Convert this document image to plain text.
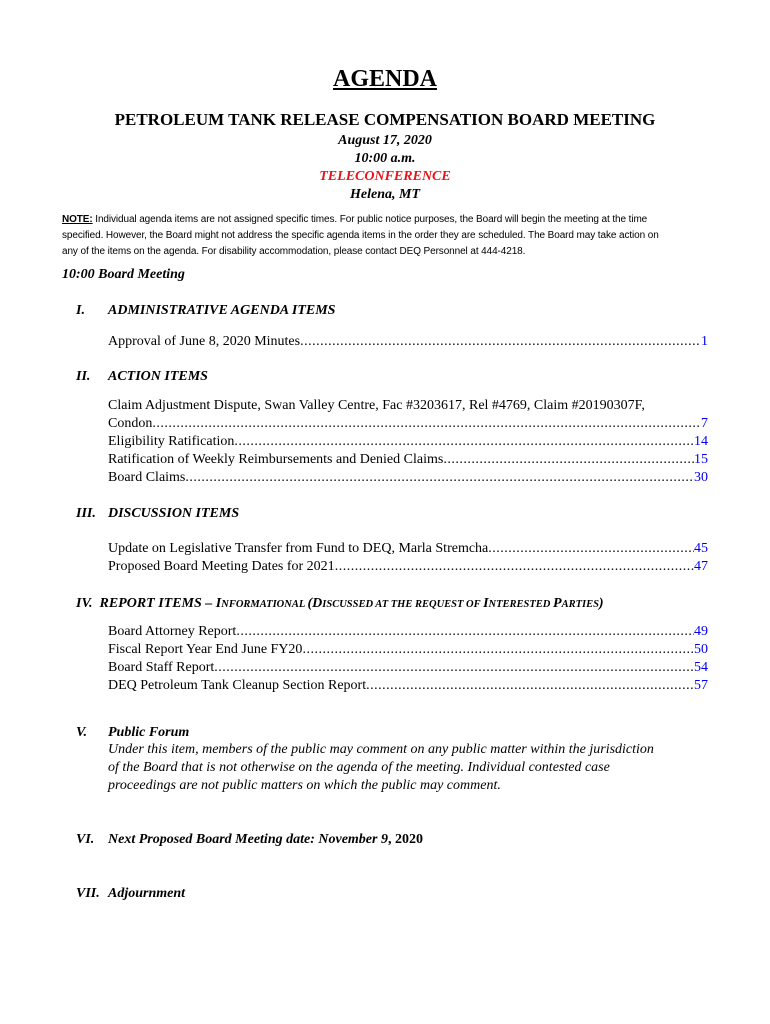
AGENDA
PETROLEUM TANK RELEASE COMPENSATION BOARD MEETING
August 17, 2020
10:00 a.m.
TELECONFERENCE
Helena, MT
NOTE: Individual agenda items are not assigned specific times. For public notice purposes, the Board will begin the meeting at the time
specified. However, the Board might not address the specific agenda items in the order they are scheduled. The Board may take action on
any of the items on the agenda. For disability accommodation, please contact DEQ Personnel at 444-4218.
10:00 Board Meeting
I. ADMINISTRATIVE AGENDA ITEMS
Approval of June 8, 2020 Minutes .....	1
II. ACTION ITEMS
Claim Adjustment Dispute, Swan Valley Centre, Fac #3203617, Rel #4769, Claim #20190307F,
Condon .....	7
Eligibility Ratification .....	14
Ratification of Weekly Reimbursements and Denied Claims .....	15
Board Claims .....	30
III. DISCUSSION ITEMS
Update on Legislative Transfer from Fund to DEQ, Marla Stremcha .....	45
Proposed Board Meeting Dates for 2021 .....	47
IV. REPORT ITEMS – INFORMATIONAL (DISCUSSED AT THE REQUEST OF INTERESTED PARTIES)
Board Attorney Report .....	49
Fiscal Report Year End June FY20 .....	50
Board Staff Report .....	54
DEQ Petroleum Tank Cleanup Section Report .....	57
V. Public Forum
Under this item, members of the public may comment on any public matter within the jurisdiction
of the Board that is not otherwise on the agenda of the meeting. Individual contested case
proceedings are not public matters on which the public may comment.
VI. Next Proposed Board Meeting date: November 9, 2020
VII. Adjournment
